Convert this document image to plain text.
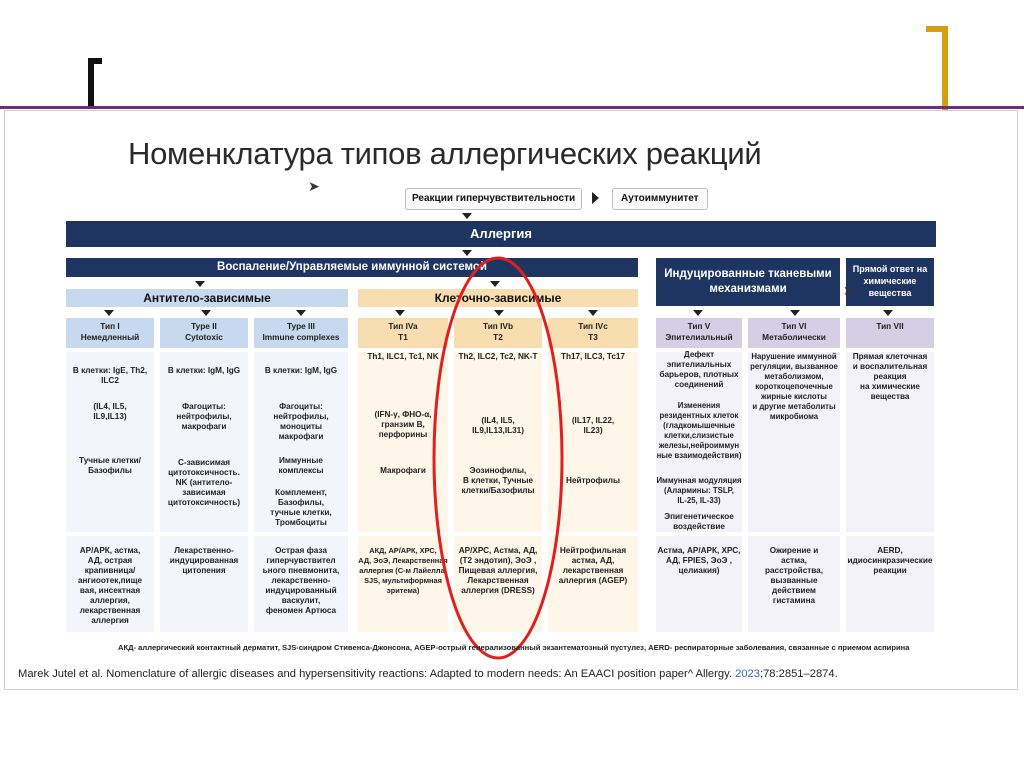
Номенклатура типов аллергических реакций
➤
Реакции гиперчувствительности	Аутоиммунитет
Аллергия
Воспаление/Управляемые иммунной системой
Индуцированные тканевыми механизмами
Прямой ответ на химические вещества
Антитело-зависимые	Клеточно-зависимые
Тип I
Немедленный
Type II
Cytotoxic
Type III
Immune complexes
Тип IVa
T1
Тип IVb
T2
Тип IVc
T3
Тип V
Эпителиальный
Тип VI
Метаболически
Тип VII
В клетки: IgE, Th2,
ILC2
(IL4, IL5,
IL9,IL13)
Тучные клетки/
Базофилы
В клетки: IgM, IgG
Фагоциты:
нейтрофилы,
макрофаги
С-зависимая
цитотоксичность.
NK (антитело-
зависимая
цитотоксичность)
В клетки: IgM, IgG
Фагоциты:
нейтрофилы,
моноциты
макрофаги
Иммунные
комплексы
Комплемент,
Базофилы,
тучные клетки,
Тромбоциты
Th1, ILC1, Tc1, NK
(IFN-γ, ФНО-α,
гранзим В,
перфорины
Макрофаги
Th2, ILC2, Tc2, NK-T
(IL4, IL5,
IL9,IL13,IL31)
Эозинофилы,
В клетки, Тучные
клетки/Базофилы
Th17, ILC3, Tc17
(IL17, IL22,
IL23)
Нейтрофилы
Дефект
эпителиальных
барьеров, плотных
соединений
Изменения
резидентных клеток
(гладкомышечные
клетки,слизистые
железы,нейроиммун
ные взаимодействия)
Иммунная модуляция
(Алармины: TSLP,
IL-25, IL-33)
Эпигенетическое
воздействие
Нарушение иммунной
регуляции, вызванное
метаболизмом,
короткоцепочечные
жирные кислоты
и другие метаболиты
микробиома
Прямая клеточная
и воспалительная
реакция
на химические
вещества
АР/АРК, астма,
АД, острая
крапивница/
ангиоотек,пище
вая, инсектная
аллергия,
лекарственная
аллергия
Лекарственно-
индуцированная
цитопения
Острая фаза
гиперчувствител
ьного пневмонита,
лекарственно-
индуцированный
васкулит,
феномен Артюса
АКД, АР/АРК, ХРС,
АД, ЭоЭ, Лекарственная
аллергия (С-м Лайелла,
SJS, мультиформная
эритема)
АР/ХРС, Астма, АД,
(Т2 эндотип), ЭоЭ ,
Пищевая аллергия,
Лекарственная
аллергия (DRESS)
Нейтрофильная
астма, АД,
лекарственная
аллергия (AGEP)
Астма, АР/АРК, ХРС,
АД, FPIES, ЭоЭ ,
целиакия)
Ожирение и
астма,
расстройства,
вызванные
действием
гистамина
AERD,
идиосинкразические
реакции
➤
АКД- аллергический контактный дерматит, SJS-синдром Стивенса-Джонсона, AGEP-острый генерализованный экзантематозный пустулез, AERD- респираторные заболевания, связанные с приемом аспирина
Marek Jutel et al. Nomenclature of allergic diseases and hypersensitivity reactions: Adapted to modern needs: An EAACI position paper^ Allergy. 2023;78:2851–2874.
